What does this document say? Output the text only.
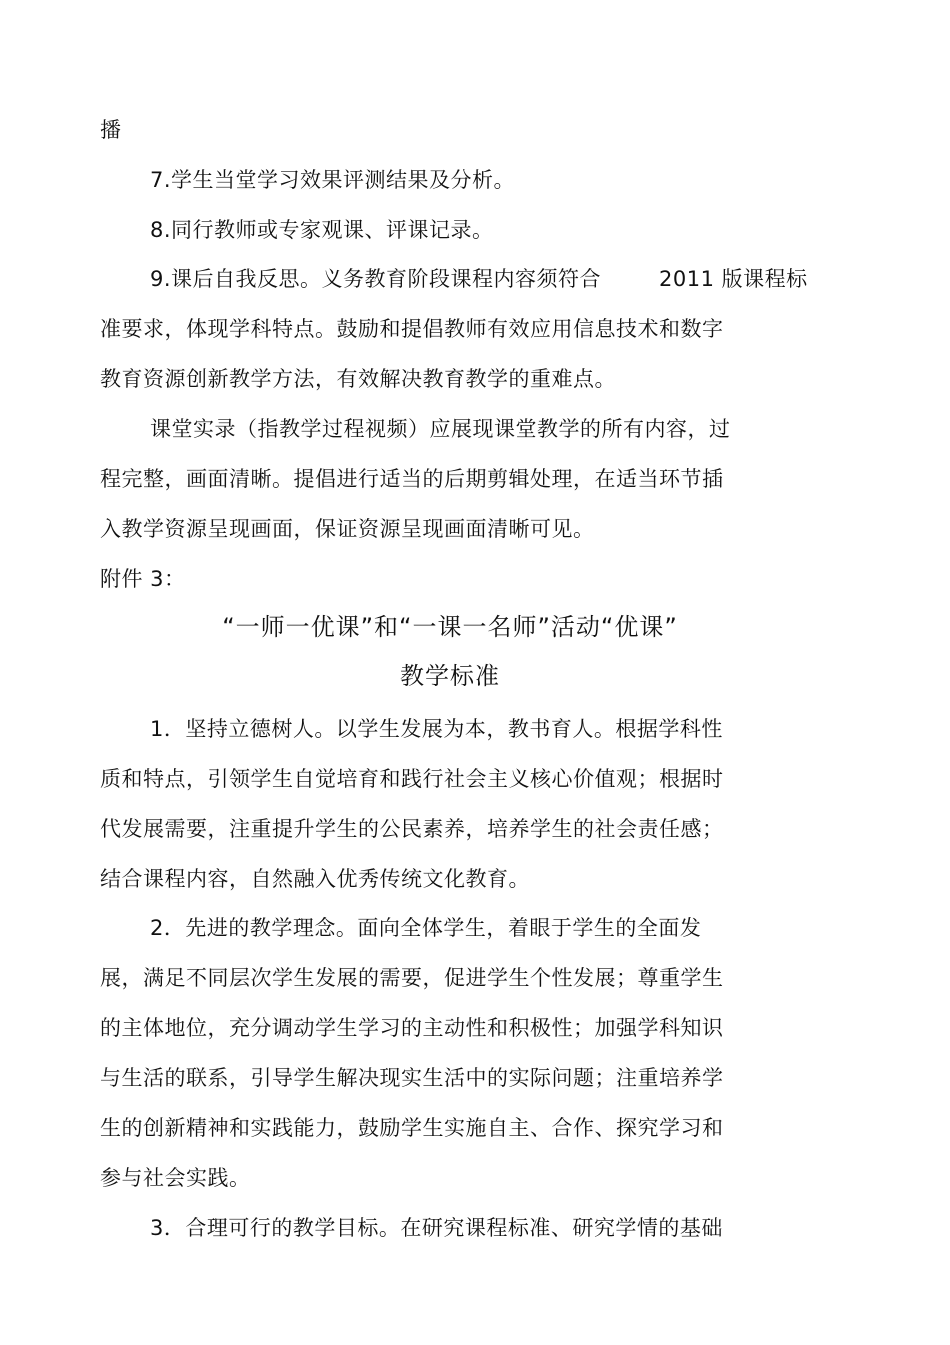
播
7.学生当堂学习效果评测结果及分析。
8.同行教师或专家观课、评课记录。
9.课后自我反思。义务教育阶段课程内容须符合	2011 版课程标
准要求，体现学科特点。鼓励和提倡教师有效应用信息技术和数字
教育资源创新教学方法，有效解决教育教学的重难点。
课堂实录（指教学过程视频）应展现课堂教学的所有内容，过
程完整，画面清晰。提倡进行适当的后期剪辑处理，在适当环节插
入教学资源呈现画面，保证资源呈现画面清晰可见。
附件 3：
“一师一优课”和“一课一名师”活动“优课”
教学标准
1．坚持立德树人。以学生发展为本，教书育人。根据学科性
质和特点，引领学生自觉培育和践行社会主义核心价值观；根据时
代发展需要，注重提升学生的公民素养，培养学生的社会责任感；
结合课程内容，自然融入优秀传统文化教育。
2．先进的教学理念。面向全体学生，着眼于学生的全面发
展，满足不同层次学生发展的需要，促进学生个性发展；尊重学生
的主体地位，充分调动学生学习的主动性和积极性；加强学科知识
与生活的联系，引导学生解决现实生活中的实际问题；注重培养学
生的创新精神和实践能力，鼓励学生实施自主、合作、探究学习和
参与社会实践。
3．合理可行的教学目标。在研究课程标准、研究学情的基础
